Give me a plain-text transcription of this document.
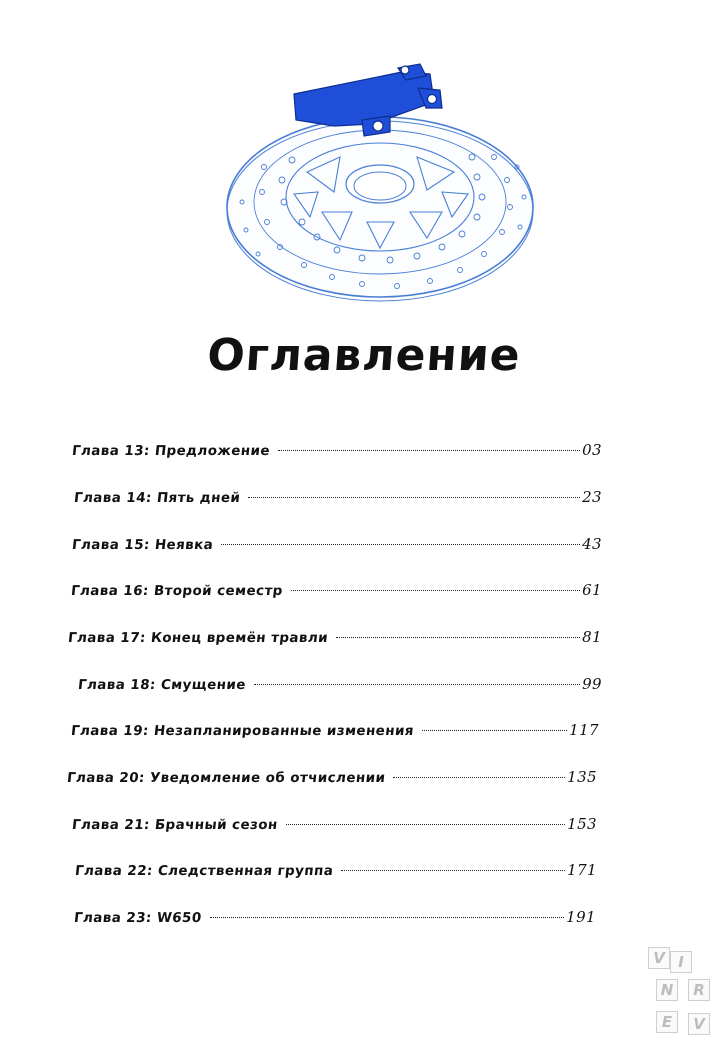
Оглавление
Глава 13: Предложение	03
Глава 14: Пять дней	23
Глава 15: Неявка	43
Глава 16: Второй семестр	61
Глава 17: Конец времён травли	81
Глава 18: Смущение	99
Глава 19: Незапланированные изменения	117
Глава 20: Уведомление об отчислении	135
Глава 21: Брачный сезон	153
Глава 22: Следственная группа	171
Глава 23: W650	191
V I
N	R
E	V
